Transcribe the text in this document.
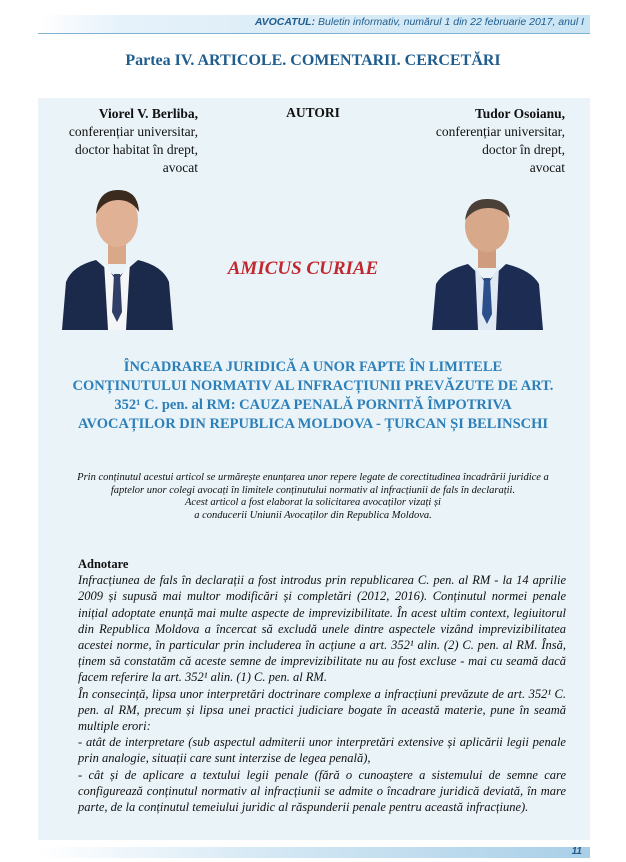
AVOCATUL: Buletin informativ, numărul 1 din 22 februarie 2017, anul I
Partea IV. ARTICOLE. COMENTARII. CERCETĂRI
Viorel V. Berliba,
conferențiar universitar,
doctor habitat în drept,
avocat
AUTORI	Tudor Osoianu,
conferențiar universitar,
doctor în drept,
avocat
AMICUS CURIAE
ÎNCADRAREA JURIDICĂ A UNOR FAPTE ÎN LIMITELE
CONȚINUTULUI NORMATIV AL INFRACȚIUNII PREVĂZUTE DE ART.
352¹ C. pen. al RM: CAUZA PENALĂ PORNITĂ ÎMPOTRIVA
AVOCAȚILOR DIN REPUBLICA MOLDOVA - ȚURCAN ȘI BELINSCHI
Prin conținutul acestui articol se urmărește enunțarea unor repere legate de corectitudinea încadrării juridice a
faptelor unor colegi avocați în limitele conținutului normativ al infracțiunii de fals în declarații.
Acest articol a fost elaborat la solicitarea avocaților vizați și
a conducerii Uniunii Avocaților din Republica Moldova.
Adnotare
Infracțiunea de fals în declarații a fost introdus prin republicarea C. pen. al RM - la 14 aprilie 2009 și supusă mai multor modificări și completări (2012, 2016). Conținutul normei penale inițial adoptate enunță mai multe aspecte de imprevizibilitate. În acest ultim context, legiuitorul din Republica Moldova a încercat să excludă unele dintre aspectele vizând imprevizibilitatea acestei norme, în particular prin includerea în acțiune a art. 352¹ alin. (2) C. pen. al RM. Însă, ținem să constatăm că aceste semne de imprevizibilitate nu au fost excluse - mai cu seamă dacă facem referire la art. 352¹ alin. (1) C. pen. al RM.
În consecință, lipsa unor interpretări doctrinare complexe a infracțiuni prevăzute de art. 352¹ C. pen. al RM, precum și lipsa unei practici judiciare bogate în această materie, pune în seamă multiple erori:
- atât de interpretare (sub aspectul admiterii unor interpretări extensive și aplicării legii penale prin analogie, situații care sunt interzise de legea penală),
- cât și de aplicare a textului legii penale (fără o cunoaștere a sistemului de semne care configurează conținutul normativ al infracțiunii se admite o încadrare juridică deviată, în mare parte, de la conținutul temeiului juridic al răspunderii penale pentru această infracțiune).
11
